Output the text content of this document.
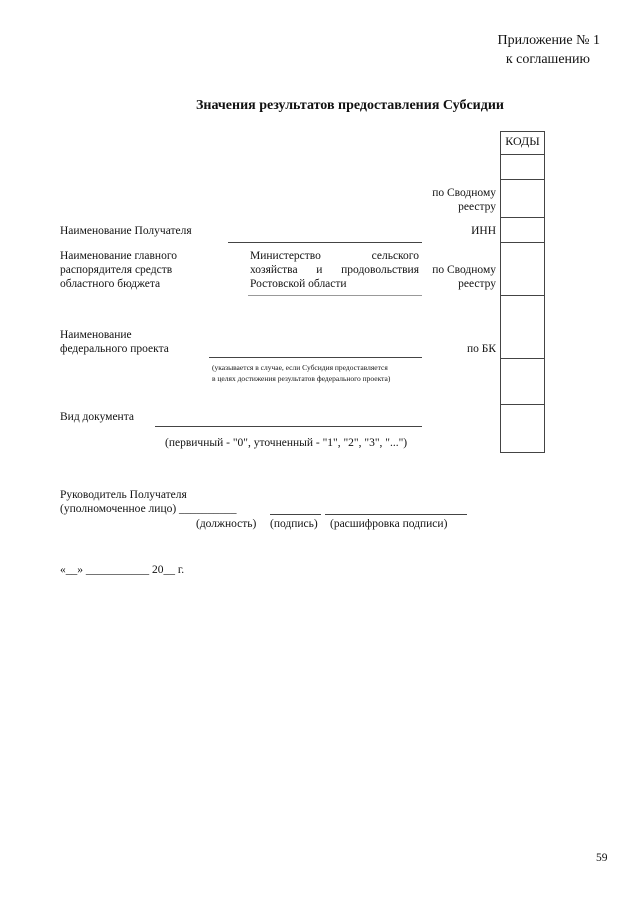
Приложение № 1
к соглашению
Значения результатов предоставления Субсидии
КОДЫ
по Сводному
реестру
ИНН
по Сводному
реестру
по БК
Наименование Получателя
Наименование главного
распорядителя средств
областного бюджета
Министерство сельского
хозяйства и продовольствия
Ростовской области
Наименование
федерального проекта
(указывается в случае, если Субсидия предоставляется
в целях достижения результатов федерального проекта)
Вид документа
(первичный - "0", уточненный - "1", "2", "3", "...")
Руководитель Получателя
(уполномоченное лицо) __________
(должность) (подпись) (расшифровка подписи)
«__» ___________ 20__ г.
59
